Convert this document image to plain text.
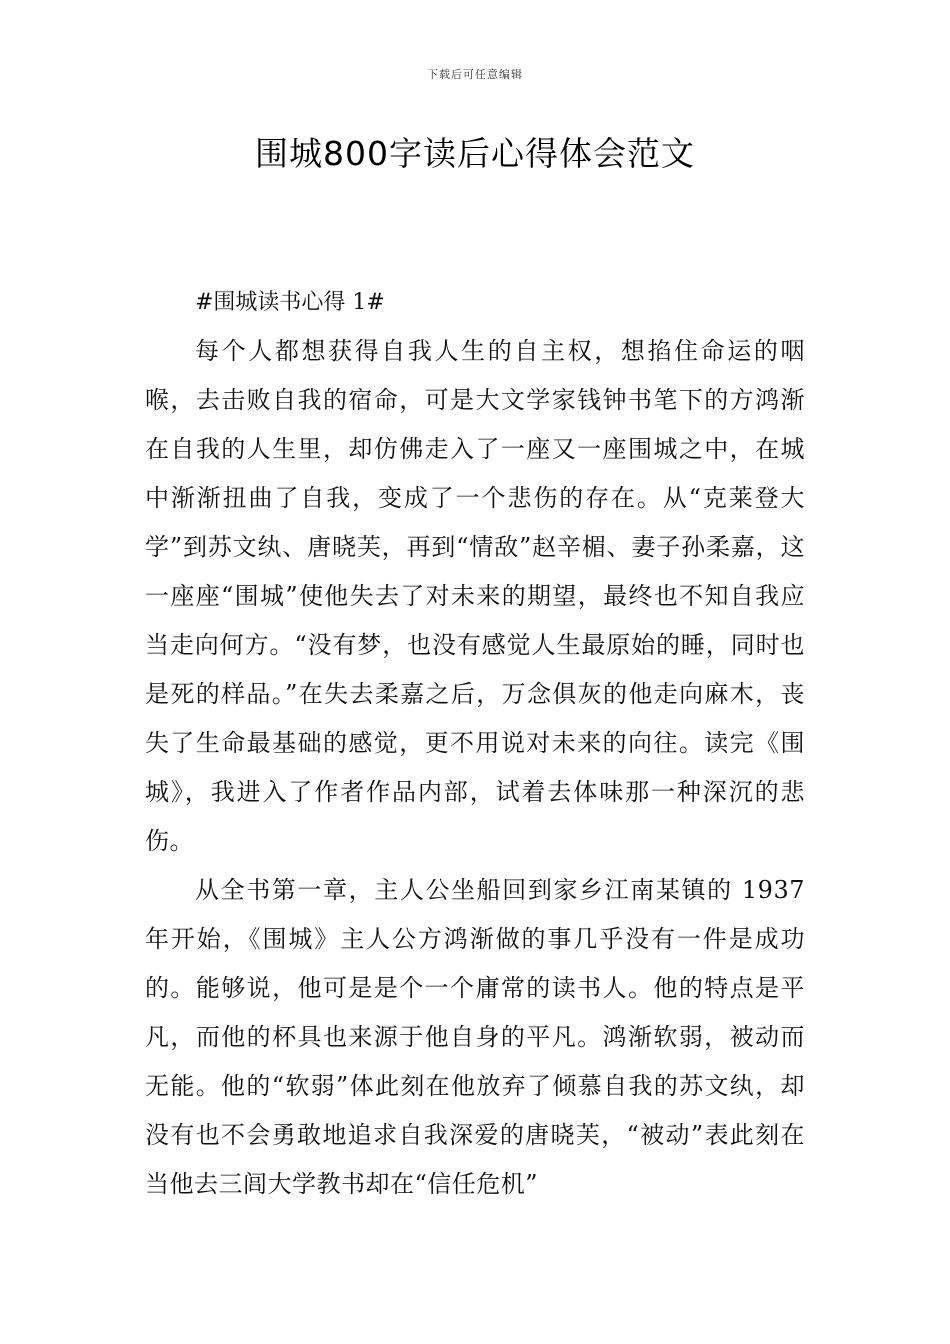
下载后可任意编辑
围城800字读后心得体会范文

#围城读书心得 1#

每个人都想获得自我人生的自主权，想掐住命运的咽喉，去击败自我的宿命，可是大文学家钱钟书笔下的方鸿渐在自我的人生里，却仿佛走入了一座又一座围城之中，在城中渐渐扭曲了自我，变成了一个悲伤的存在。从“克莱登大学”到苏文纨、唐晓芙，再到“情敌”赵辛楣、妻子孙柔嘉，这一座座“围城”使他失去了对未来的期望，最终也不知自我应当走向何方。“没有梦，也没有感觉人生最原始的睡，同时也是死的样品。”在失去柔嘉之后，万念俱灰的他走向麻木，丧失了生命最基础的感觉，更不用说对未来的向往。读完《围城》，我进入了作者作品内部，试着去体味那一种深沉的悲伤。

从全书第一章，主人公坐船回到家乡江南某镇的 1937 年开始，《围城》主人公方鸿渐做的事几乎没有一件是成功的。能够说，他可是是个一个庸常的读书人。他的特点是平凡，而他的杯具也来源于他自身的平凡。鸿渐软弱，被动而无能。他的“软弱”体此刻在他放弃了倾慕自我的苏文纨，却没有也不会勇敢地追求自我深爱的唐晓芙，“被动”表此刻在当他去三闾大学教书却在“信任危机”
